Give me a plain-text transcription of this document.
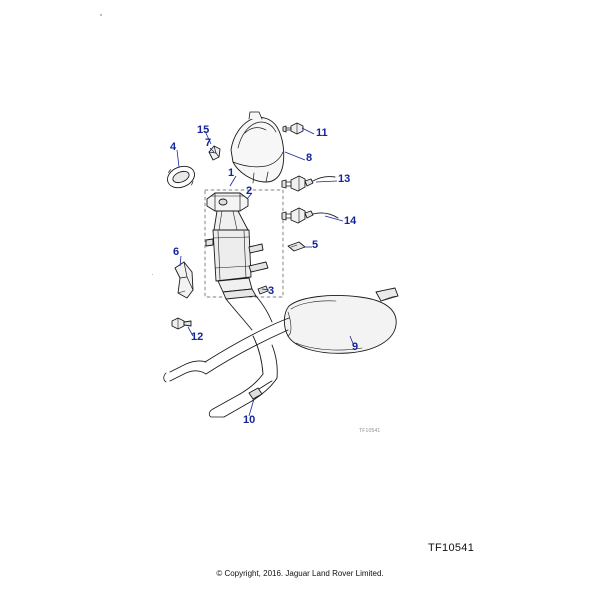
1
2
3
4
5
6
7
8
9
10
11
12
13
14
15
TF10541
TF10541
© Copyright, 2016. Jaguar Land Rover Limited.
